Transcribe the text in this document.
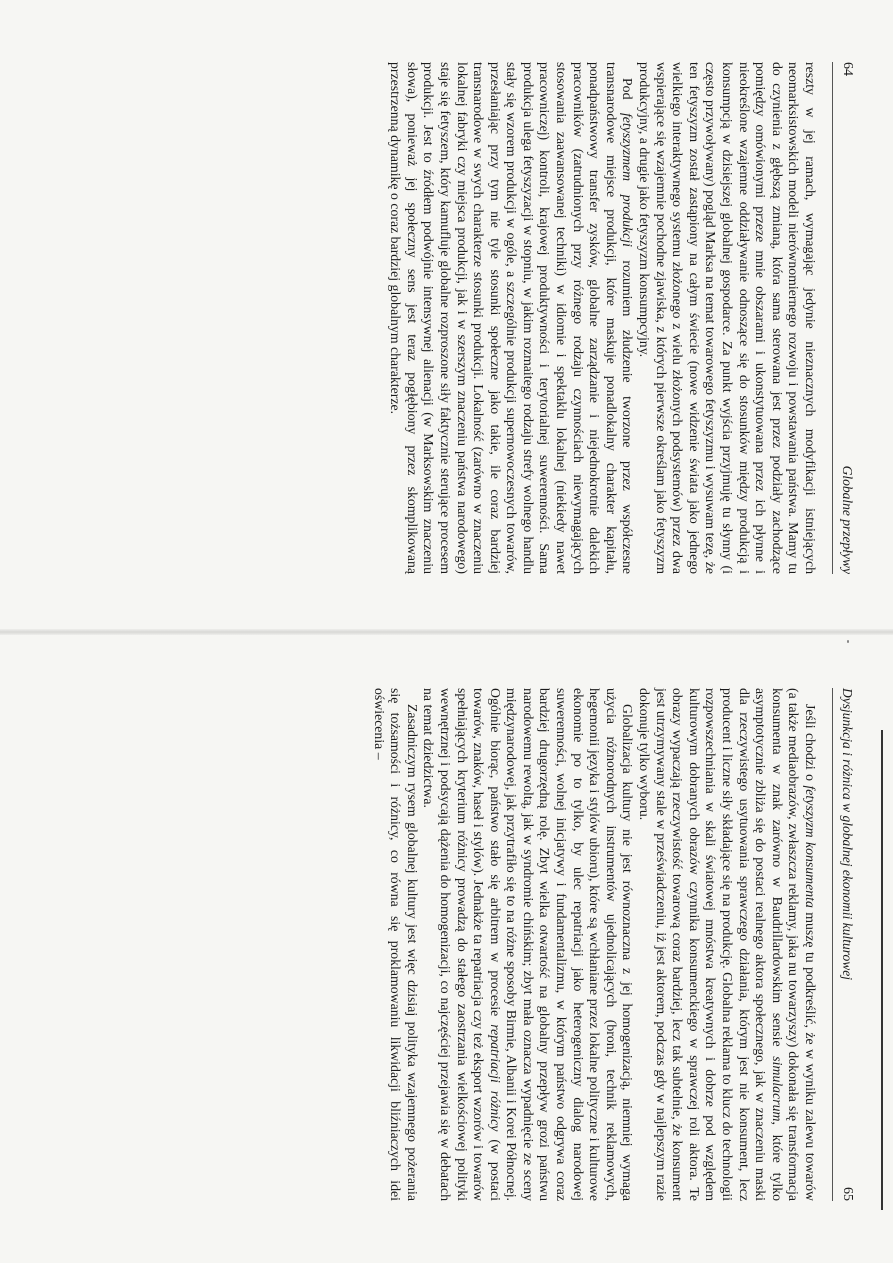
64
Globalne przepływy

reszty w jej ramach, wymagając jedynie nieznacznych modyfikacji istniejących neomarksistowskich modeli nierównomiernego rozwoju i powstawania państwa. Mamy tu do czynienia z głębszą zmianą, która sama sterowana jest przez podziały zachodzące pomiędzy omówionymi przeze mnie obszarami i ukonstytuowana przez ich płynne i nieokreślone wzajemne oddziaływanie odnoszące się do stosunków między produkcją i konsumpcją w dzisiejszej globalnej gospodarce. Za punkt wyjścia przyjmuję tu słynny (i często przywoływany) pogląd Marksa na temat towarowego fetyszyzmu i wysuwam tezę, że ten fetyszyzm został zastąpiony na całym świecie (nowe widzenie świata jako jednego wielkiego interaktywnego systemu złożonego z wielu złożonych podsystemów) przez dwa wspierające się wzajemnie pochodne zjawiska, z których pierwsze określam jako fetyszyzm produkcyjny, a drugie jako fetyszyzm konsumpcyjny.

Pod fetyszyzmem produkcji rozumiem złudzenie tworzone przez współczesne transnarodowe miejsce produkcji, które maskuje ponadlokalny charakter kapitału, ponadpaństwowy transfer zysków, globalne zarządzanie i niejednokrotnie dalekich pracowników (zatrudnionych przy różnego rodzaju czynnościach niewymagających stosowania zaawansowanej techniki) w idiomie i spektaklu lokalnej (niekiedy nawet pracowniczej) kontroli, krajowej produktywności i terytorialnej suwerenności. Sama produkcja ulega fetyszyzacji w stopniu, w jakim rozmaitego rodzaju strefy wolnego handlu stały się wzorem produkcji w ogóle, a szczególnie produkcji supernowoczesnych towarów, przesłaniając przy tym nie tyle stosunki społeczne jako takie, ile coraz bardziej transnarodowe w swych charakterze stosunki produkcji. Lokalność (zarówno w znaczeniu lokalnej fabryki czy miejsca produkcji, jak i w szerszym znaczeniu państwa narodowego) staje się fetyszem, który kamufluje globalne rozproszone siły faktycznie sterujące procesem produkcji. Jest to źródłem podwójnie intensywnej alienacji (w Marksowskim znaczeniu słowa), ponieważ jej społeczny sens jest teraz pogłębiony przez skomplikowaną przestrzenną dynamikę o coraz bardziej globalnym charakterze.

Dysjunkcja i różnica w globalnej ekonomii kulturowej
65

Jeśli chodzi o fetyszyzm konsumenta muszę tu podkreślić, że w wyniku zalewu towarów (a także mediaobrazów, zwłaszcza reklamy, jaka nu towarzyszy) dokonała się transformacja konsumenta w znak zarówno w Baudrillardowskim sensie simulacrum, które tylko asymptotycznie zbliża się do postaci realnego aktora społecznego, jak w znaczeniu maski dla rzeczywistego usytuowania sprawczego działania, którym jest nie konsument, lecz producent i liczne siły składające się na produkcję. Globalna reklama to klucz do technologii rozpowszechniania w skali światowej mnóstwa kreatywnych i dobrze pod względem kulturowym dobranych obrazów czynnika konsumenckiego w sprawczej roli aktora. Te obrazy wypaczają rzeczywistość towarową coraz bardziej, lecz tak subtelnie, że konsument jest utrzymywany stale w przeświadczeniu, iż jest aktorem, podczas gdy w najlepszym razie dokonuje tylko wyboru.

Globalizacja kultury nie jest równoznaczna z jej homogenizacją, niemniej wymaga użycia różnorodnych instrumentów ujednolicających (broni, technik reklamowych, hegemonii języka i stylów ubioru), które są wchłaniane przez lokalne polityczne i kulturowe ekonomie po to tylko, by ulec repatriacji jako heterogeniczny dialog narodowej suwerenności, wolnej inicjatywy i fundamentalizmu, w którym państwo odgrywa coraz bardziej drugorzędną rolę. Zbyt wielka otwartość na globalny przepływ grozi państwu narodowemu rewoltą, jak w syndromie chińskim; zbyt mała oznacza wypadnięcie ze sceny międzynarodowej, jak przytrafiło się to na różne sposoby Birmie, Albanii i Korei Północnej. Ogólnie biorąc, państwo stało się arbitrem w procesie repatriacji różnicy (w postaci towarów, znaków, haseł i stylów). Jednakże ta repatriacja czy też eksport wzorów i towarów spełniających kryterium różnicy prowadzą do stałego zaostrzania wielkościowej polityki wewnętrznej i podsycają dążenia do homogenizacji, co najczęściej przejawia się w debatach na temat dziedzictwa.

Zasadniczym rysem globalnej kultury jest więc dzisiaj polityka wzajemnego pożerania się tożsamości i różnicy, co równa się proklamowaniu likwidacji bliźniaczych idei oświecenia –
